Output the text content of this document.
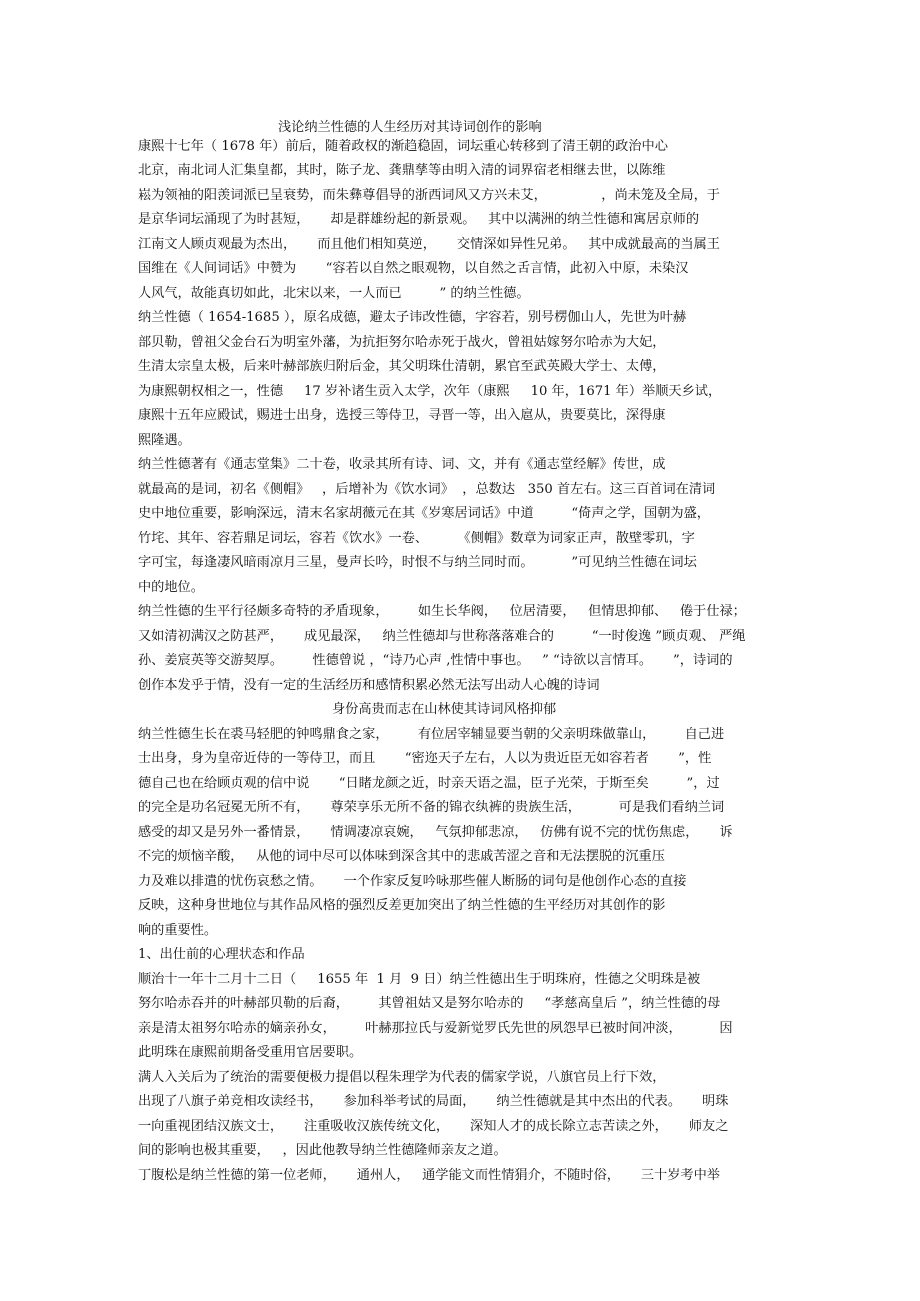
浅论纳兰性德的人生经历对其诗词创作的影响
康熙十七年（ 1678 年）前后，随着政权的渐趋稳固，词坛重心转移到了清王朝的政治中心
北京，南北词人汇集皇都，其时，陈子龙、龚鼎孳等由明入清的词界宿老相继去世，以陈维
崧为领袖的阳羡词派已呈衰势，而朱彝尊倡导的浙西词风又方兴未艾，             ，尚未笼及全局，于
是京华词坛涌现了为时甚短，     却是群雄纷起的新景观。   其中以满洲的纳兰性德和寓居京师的
江南文人顾贞观最为杰出，     而且他们相知莫逆，     交情深如异性兄弟。   其中成就最高的当属王
国维在《人间词话》中赞为       “容若以自然之眼观物，以自然之舌言情，此初入中原，未染汉
人风气，故能真切如此，北宋以来，一人而已         ” 的纳兰性德。
纳兰性德（ 1654-1685 ），原名成德，避太子讳改性德，字容若，别号楞伽山人，先世为叶赫
部贝勒，曾祖父金台石为明室外藩，为抗拒努尔哈赤死于战火，曾祖姑嫁努尔哈赤为大妃，
生清太宗皇太极，后来叶赫部族归附后金，其父明珠仕清朝，累官至武英殿大学士、太傅，
为康熙朝权相之一，性德     17 岁补诸生贡入太学，次年（康熙     10 年，1671 年）举顺天乡试，
康熙十五年应殿试，赐进士出身，选授三等侍卫，寻晋一等，出入扈从，贵要莫比，深得康
熙隆遇。
纳兰性德著有《通志堂集》二十卷，收录其所有诗、词、文，并有《通志堂经解》传世，成
就最高的是词，初名《侧帽》   ，后增补为《饮水词》  ，总数达   350 首左右。这三百首词在清词
史中地位重要，影响深远，清末名家胡薇元在其《岁寒居词话》中道         “倚声之学，国朝为盛，
竹垞、其年、容若鼎足词坛，容若《饮水》一卷、       《侧帽》数章为词家正声，散壁零玑，字
字可宝，每逢凄风暗雨凉月三星，曼声长吟，时恨不与纳兰同时而。         ”可见纳兰性德在词坛
中的地位。
纳兰性德的生平行径颇多奇特的矛盾现象，       如生长华阀，   位居清要，   但情思抑郁、   倦于仕禄；
又如清初满汉之防甚严，     成见最深，   纳兰性德却与世称落落难合的         “一时俊逸 ”顾贞观、 严绳
孙、姜宸英等交游契厚。       性德曾说 ，“诗乃心声 ,性情中事也。   ” “诗欲以言情耳。     ”，诗词的
创作本发乎于情，没有一定的生活经历和感情积累必然无法写出动人心魄的诗词
身份高贵而志在山林使其诗词风格抑郁
纳兰性德生长在裘马轻肥的钟鸣鼎食之家，       有位居宰辅显要当朝的父亲明珠做靠山，       自己进
士出身，身为皇帝近侍的一等侍卫，而且       “密迩天子左右，人以为贵近臣无如容若者       ”，性
德自己也在给顾贞观的信中说       “日睹龙颜之近，时亲天语之温，臣子光荣，于斯至矣         ”，过
的完全是功名冠冕无所不有，     尊荣享乐无所不备的锦衣纨裤的贵族生活，         可是我们看纳兰词
感受的却又是另外一番情景，     情调凄凉哀婉，   气氛抑郁悲凉，   仿佛有说不完的忧伤焦虑，     诉
不完的烦恼辛酸，   从他的词中尽可以体味到深含其中的悲戚苦涩之音和无法摆脱的沉重压
力及难以排遣的忧伤哀愁之情。     一个作家反复吟咏那些催人断肠的词句是他创作心态的直接
反映，这种身世地位与其作品风格的强烈反差更加突出了纳兰性德的生平经历对其创作的影
响的重要性。
1、出仕前的心理状态和作品
顺治十一年十二月十二日（     1655 年  1 月  9 日）纳兰性德出生于明珠府，性德之父明珠是被
努尔哈赤吞并的叶赫部贝勒的后裔，       其曾祖姑又是努尔哈赤的     “孝慈高皇后 ”，纳兰性德的母
亲是清太祖努尔哈赤的嫡亲孙女，       叶赫那拉氏与爱新觉罗氏先世的夙怨早已被时间冲淡，         因
此明珠在康熙前期备受重用官居要职。
满人入关后为了统治的需要便极力提倡以程朱理学为代表的儒家学说，八旗官员上行下效，
出现了八旗子弟竞相攻读经书，     参加科举考试的局面，     纳兰性德就是其中杰出的代表。     明珠
一向重视团结汉族文士，     注重吸收汉族传统文化，     深知人才的成长除立志苦读之外，     师友之
间的影响也极其重要，   ，因此他教导纳兰性德隆师亲友之道。
丁腹松是纳兰性德的第一位老师，     通州人，   通学能文而性情狷介，不随时俗，     三十岁考中举
